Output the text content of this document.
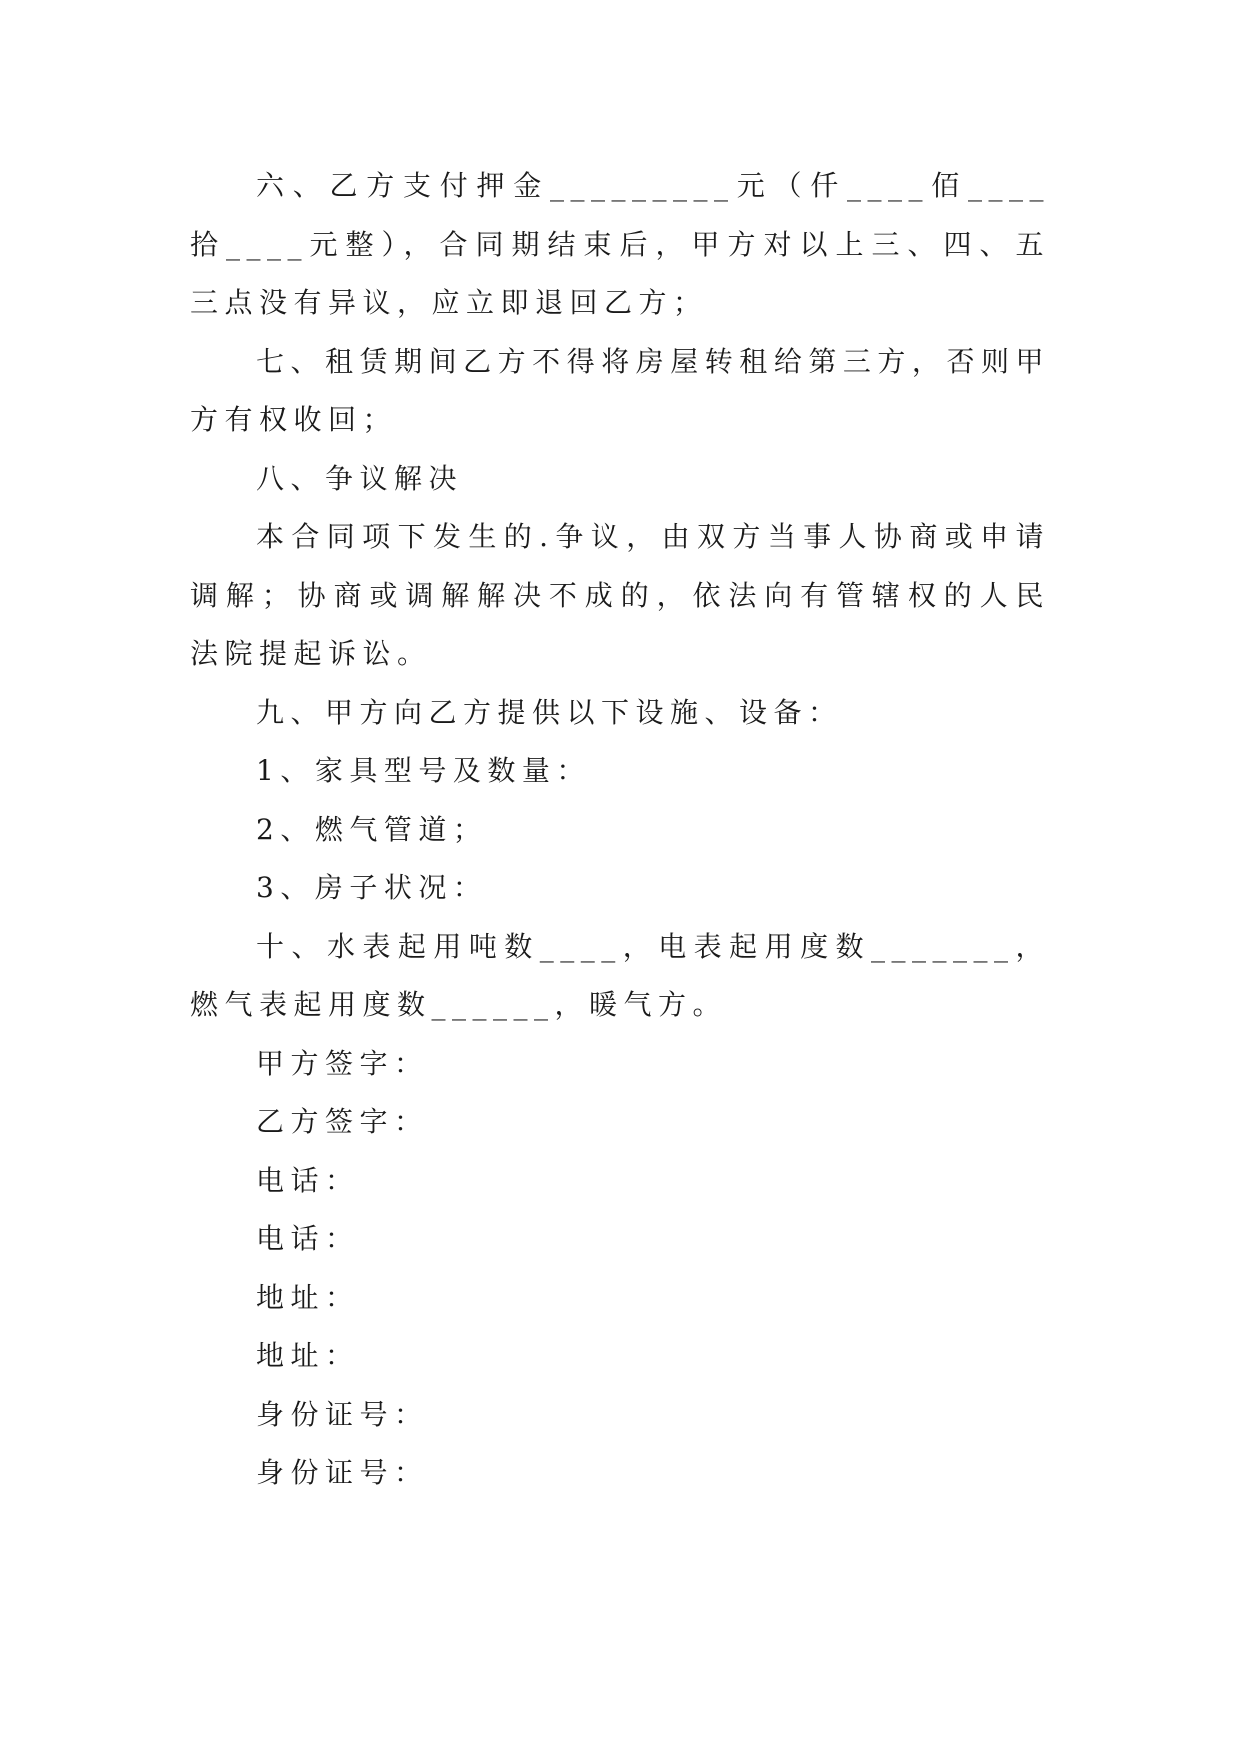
六、乙方支付押金_________元（仟____佰____拾____元整），合同期结束后，甲方对以上三、四、五三点没有异议，应立即退回乙方；

七、租赁期间乙方不得将房屋转租给第三方，否则甲方有权收回；

八、争议解决

本合同项下发生的.争议，由双方当事人协商或申请调解；协商或调解解决不成的，依法向有管辖权的人民法院提起诉讼。

九、甲方向乙方提供以下设施、设备：

1、家具型号及数量：

2、燃气管道；

3、房子状况：

十、水表起用吨数____，电表起用度数_______，燃气表起用度数______，暖气方。

甲方签字：

乙方签字：

电话：

电话：

地址：

地址：

身份证号：

身份证号：
